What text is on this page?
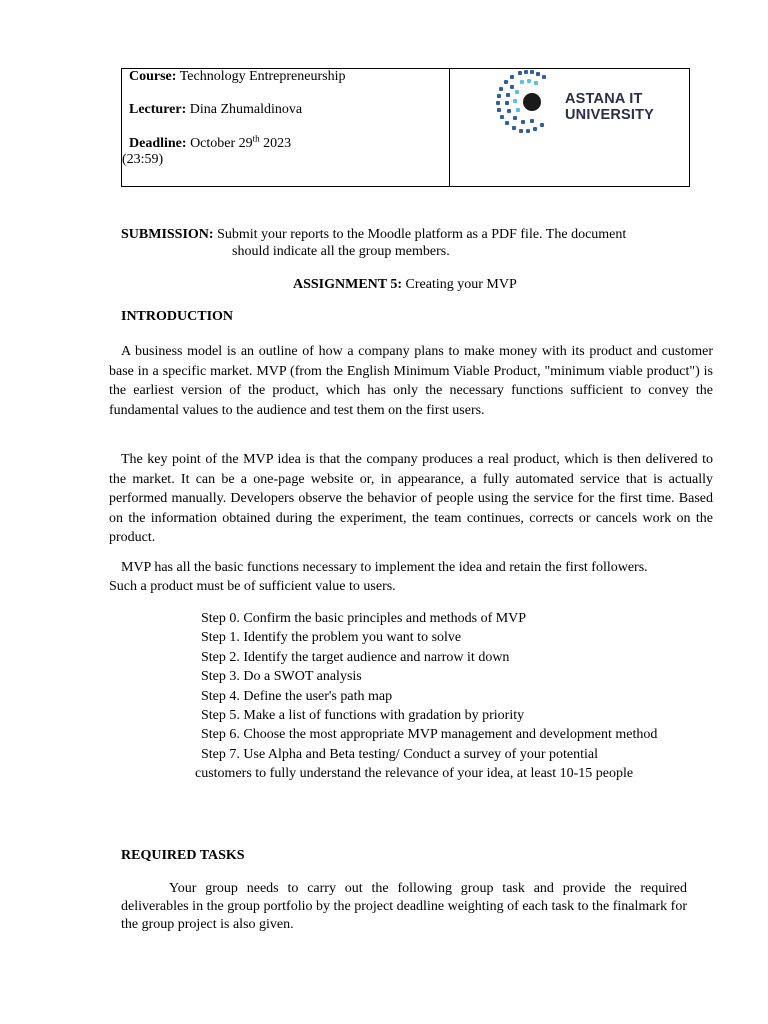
Course: Technology Entrepreneurship
Lecturer: Dina Zhumaldinova
Deadline: October 29th 2023
(23:59)
ASTANA IT
UNIVERSITY
SUBMISSION: Submit your reports to the Moodle platform as a PDF file. The document
should indicate all the group members.
ASSIGNMENT 5: Creating your MVP
INTRODUCTION
A business model is an outline of how a company plans to make money with its product and customer base in a specific market. MVP (from the English Minimum Viable Product, "minimum viable product") is the earliest version of the product, which has only the necessary functions sufficient to convey the fundamental values to the audience and test them on the first users.
The key point of the MVP idea is that the company produces a real product, which is then delivered to the market. It can be a one-page website or, in appearance, a fully automated service that is actually performed manually. Developers observe the behavior of people using the service for the first time. Based on the information obtained during the experiment, the team continues, corrects or cancels work on the product.
MVP has all the basic functions necessary to implement the idea and retain the first followers.
Such a product must be of sufficient value to users.
Step 0. Confirm the basic principles and methods of MVP
Step 1. Identify the problem you want to solve
Step 2. Identify the target audience and narrow it down
Step 3. Do a SWOT analysis
Step 4. Define the user's path map
Step 5. Make a list of functions with gradation by priority
Step 6. Choose the most appropriate MVP management and development method
Step 7. Use Alpha and Beta testing/ Conduct a survey of your potential
customers to fully understand the relevance of your idea, at least 10-15 people
REQUIRED TASKS
Your group needs to carry out the following group task and provide the required deliverables in the group portfolio by the project deadline weighting of each task to the finalmark for the group project is also given.
